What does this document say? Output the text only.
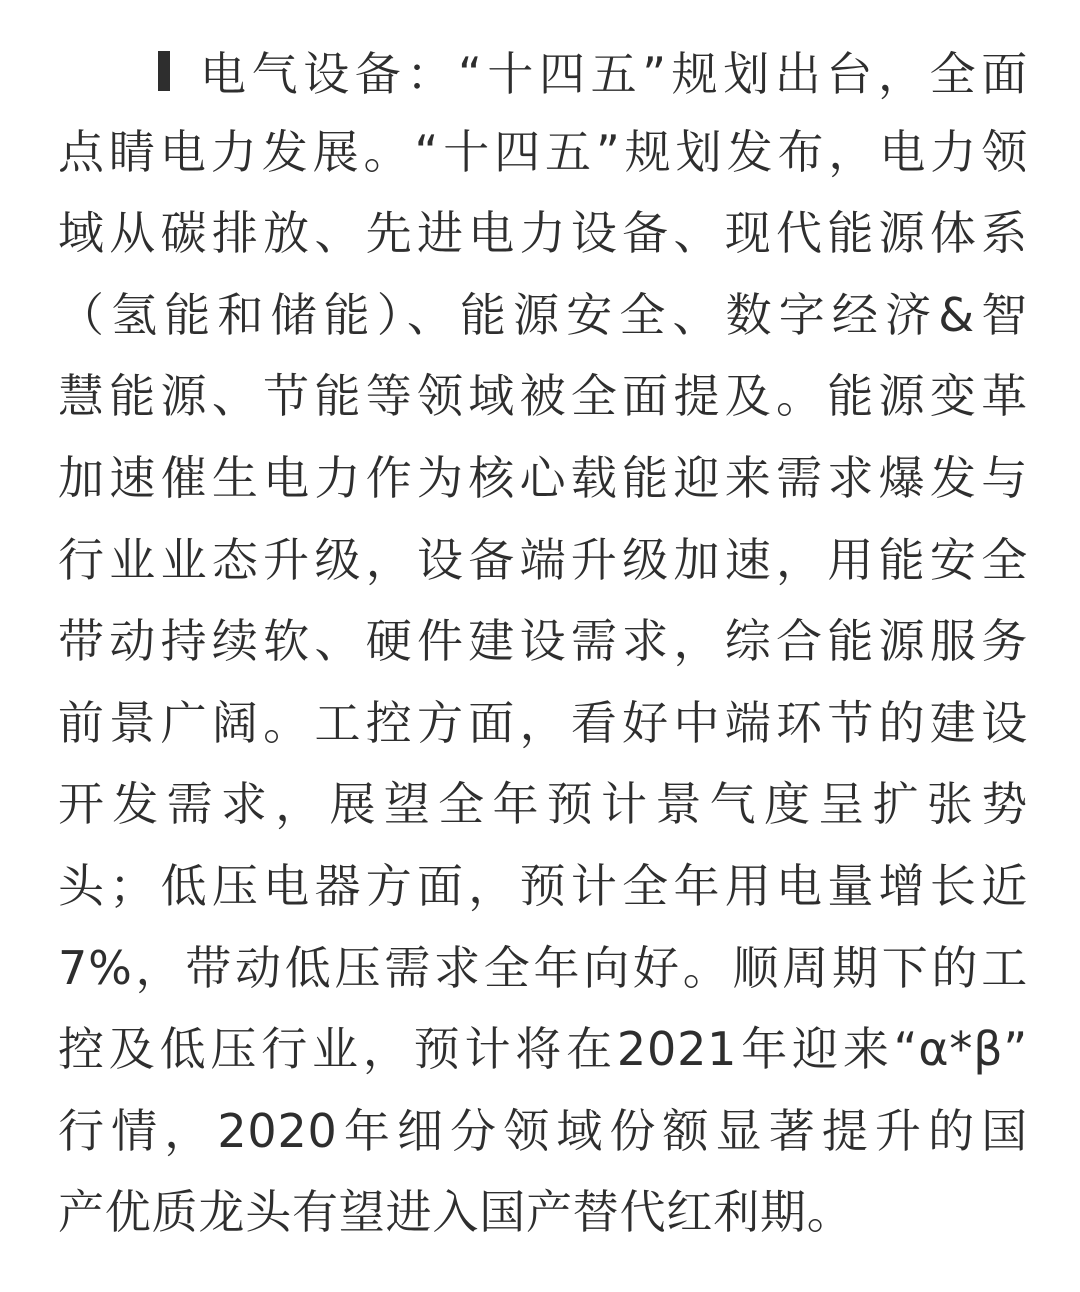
电气设备：“十四五”规划出台，全面
点睛电力发展。“十四五”规划发布，电力领
域从碳排放、先进电力设备、现代能源体系
（氢能和储能）、能源安全、数字经济&智
慧能源、节能等领域被全面提及。能源变革
加速催生电力作为核心载能迎来需求爆发与
行业业态升级，设备端升级加速，用能安全
带动持续软、硬件建设需求，综合能源服务
前景广阔。工控方面，看好中端环节的建设
开发需求，展望全年预计景气度呈扩张势
头；低压电器方面，预计全年用电量增长近
7%，带动低压需求全年向好。顺周期下的工
控及低压行业，预计将在2021年迎来“α*β”
行情，2020年细分领域份额显著提升的国
产优质龙头有望进入国产替代红利期。
